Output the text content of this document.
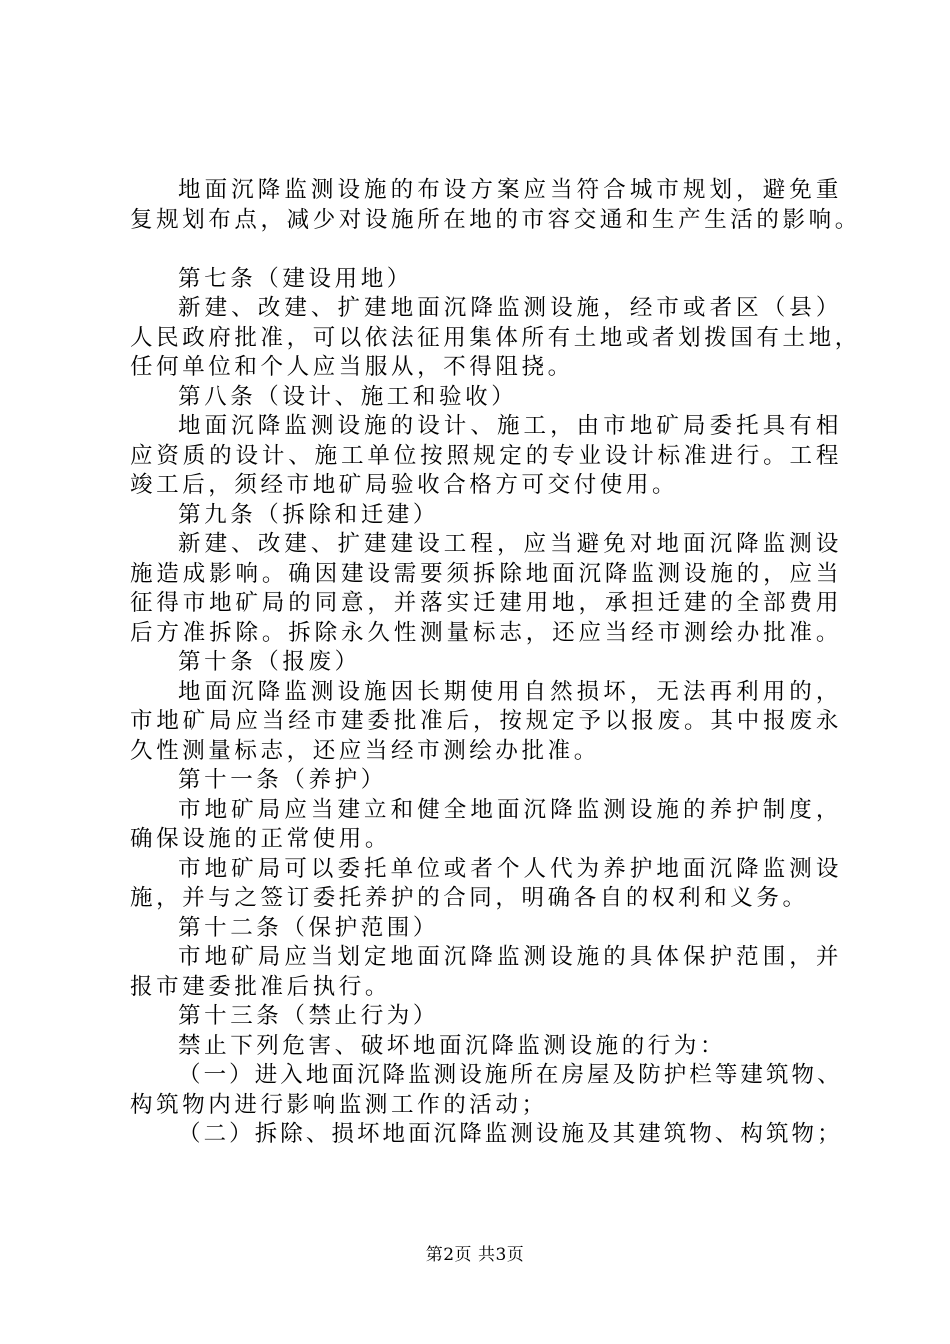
地面沉降监测设施的布设方案应当符合城市规划，避免重
复规划布点，减少对设施所在地的市容交通和生产生活的影响。
第七条（建设用地）
新建、改建、扩建地面沉降监测设施，经市或者区（县）
人民政府批准，可以依法征用集体所有土地或者划拨国有土地，
任何单位和个人应当服从，不得阻挠。
第八条（设计、施工和验收）
地面沉降监测设施的设计、施工，由市地矿局委托具有相
应资质的设计、施工单位按照规定的专业设计标准进行。工程
竣工后，须经市地矿局验收合格方可交付使用。
第九条（拆除和迁建）
新建、改建、扩建建设工程，应当避免对地面沉降监测设
施造成影响。确因建设需要须拆除地面沉降监测设施的，应当
征得市地矿局的同意，并落实迁建用地，承担迁建的全部费用
后方准拆除。拆除永久性测量标志，还应当经市测绘办批准。
第十条（报废）
地面沉降监测设施因长期使用自然损坏，无法再利用的，
市地矿局应当经市建委批准后，按规定予以报废。其中报废永
久性测量标志，还应当经市测绘办批准。
第十一条（养护）
市地矿局应当建立和健全地面沉降监测设施的养护制度，
确保设施的正常使用。
市地矿局可以委托单位或者个人代为养护地面沉降监测设
施，并与之签订委托养护的合同，明确各自的权利和义务。
第十二条（保护范围）
市地矿局应当划定地面沉降监测设施的具体保护范围，并
报市建委批准后执行。
第十三条（禁止行为）
禁止下列危害、破坏地面沉降监测设施的行为：
（一）进入地面沉降监测设施所在房屋及防护栏等建筑物、
构筑物内进行影响监测工作的活动；
（二）拆除、损坏地面沉降监测设施及其建筑物、构筑物；
第2页 共3页
